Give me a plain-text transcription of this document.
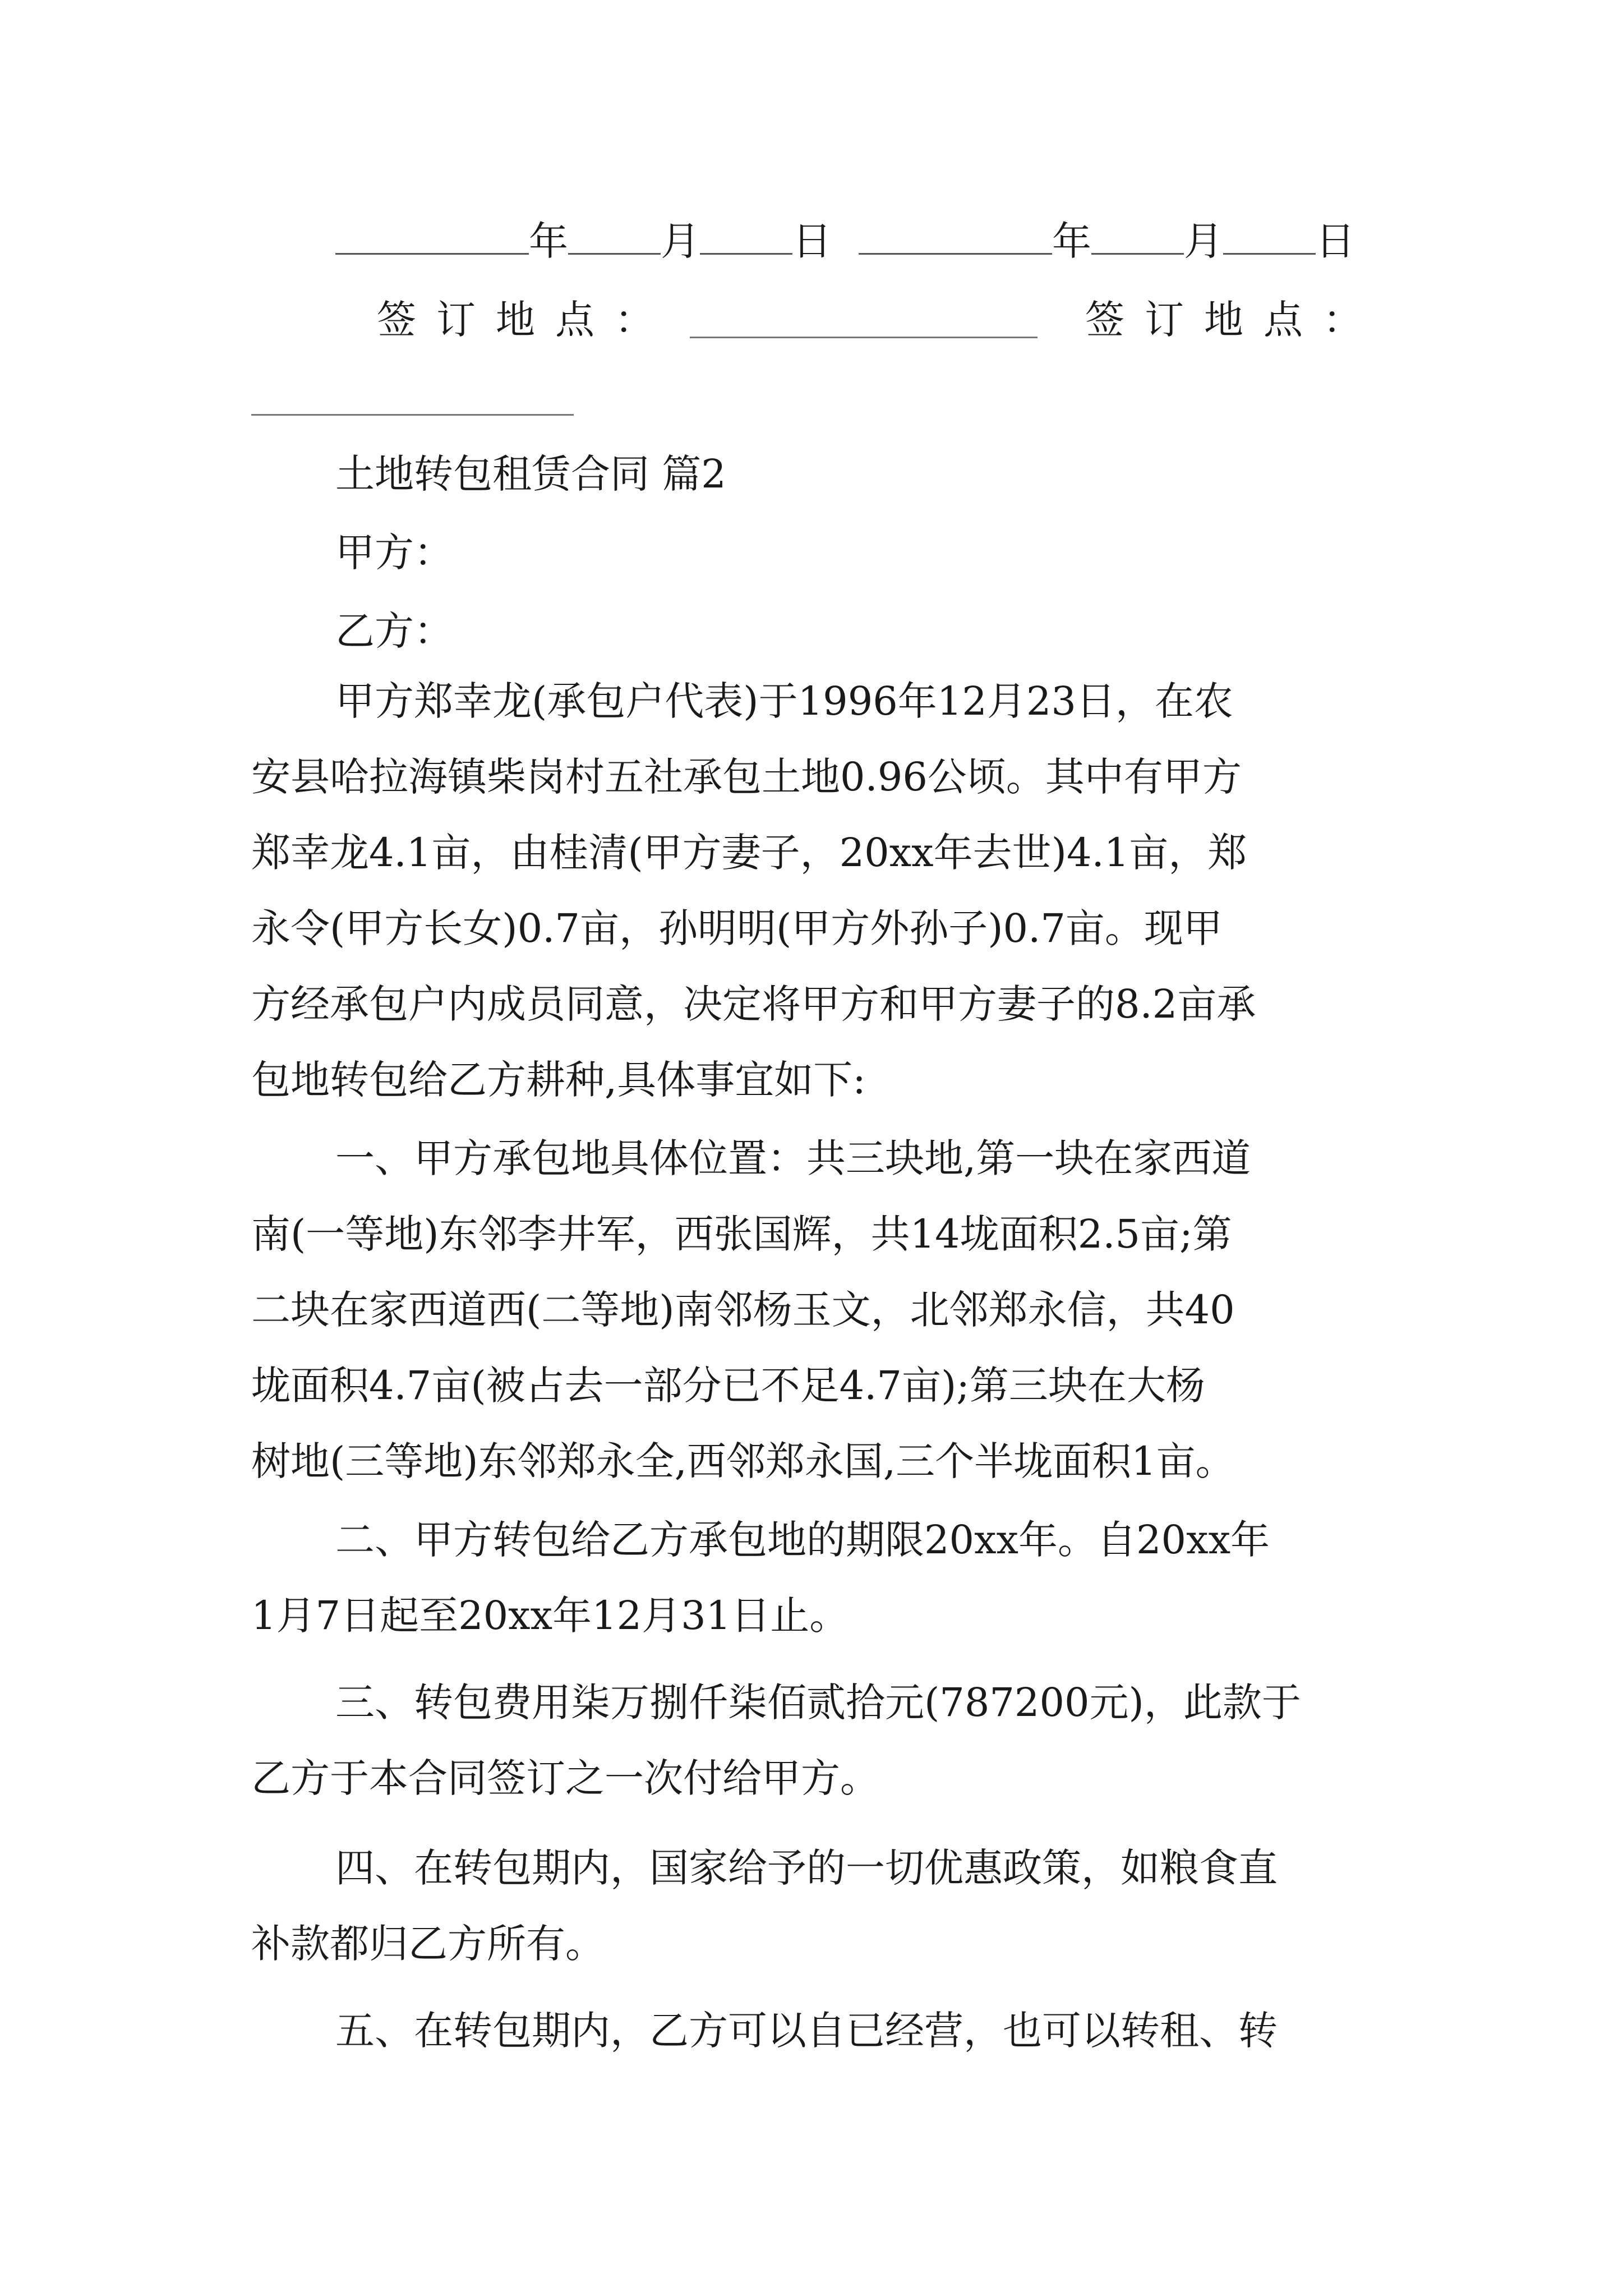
年 月 日	年 月 日
签订地点：	签订地点：
土地转包租赁合同 篇2
甲方：
乙方：
甲方郑幸龙(承包户代表)于1996年12月23日，在农
安县哈拉海镇柴岗村五社承包土地0.96公顷。其中有甲方
郑幸龙4.1亩，由桂清(甲方妻子，20xx年去世)4.1亩，郑
永令(甲方长女)0.7亩，孙明明(甲方外孙子)0.7亩。现甲
方经承包户内成员同意，决定将甲方和甲方妻子的8.2亩承
包地转包给乙方耕种,具体事宜如下:
一、甲方承包地具体位置：共三块地,第一块在家西道
南(一等地)东邻李井军，西张国辉，共14垅面积2.5亩;第
二块在家西道西(二等地)南邻杨玉文，北邻郑永信，共40
垅面积4.7亩(被占去一部分已不足4.7亩);第三块在大杨
树地(三等地)东邻郑永全,西邻郑永国,三个半垅面积1亩。
二、甲方转包给乙方承包地的期限20xx年。自20xx年
1月7日起至20xx年12月31日止。
三、转包费用柒万捌仟柒佰贰拾元(787200元)，此款于
乙方于本合同签订之一次付给甲方。
四、在转包期内，国家给予的一切优惠政策，如粮食直
补款都归乙方所有。
五、在转包期内，乙方可以自已经营，也可以转租、转
